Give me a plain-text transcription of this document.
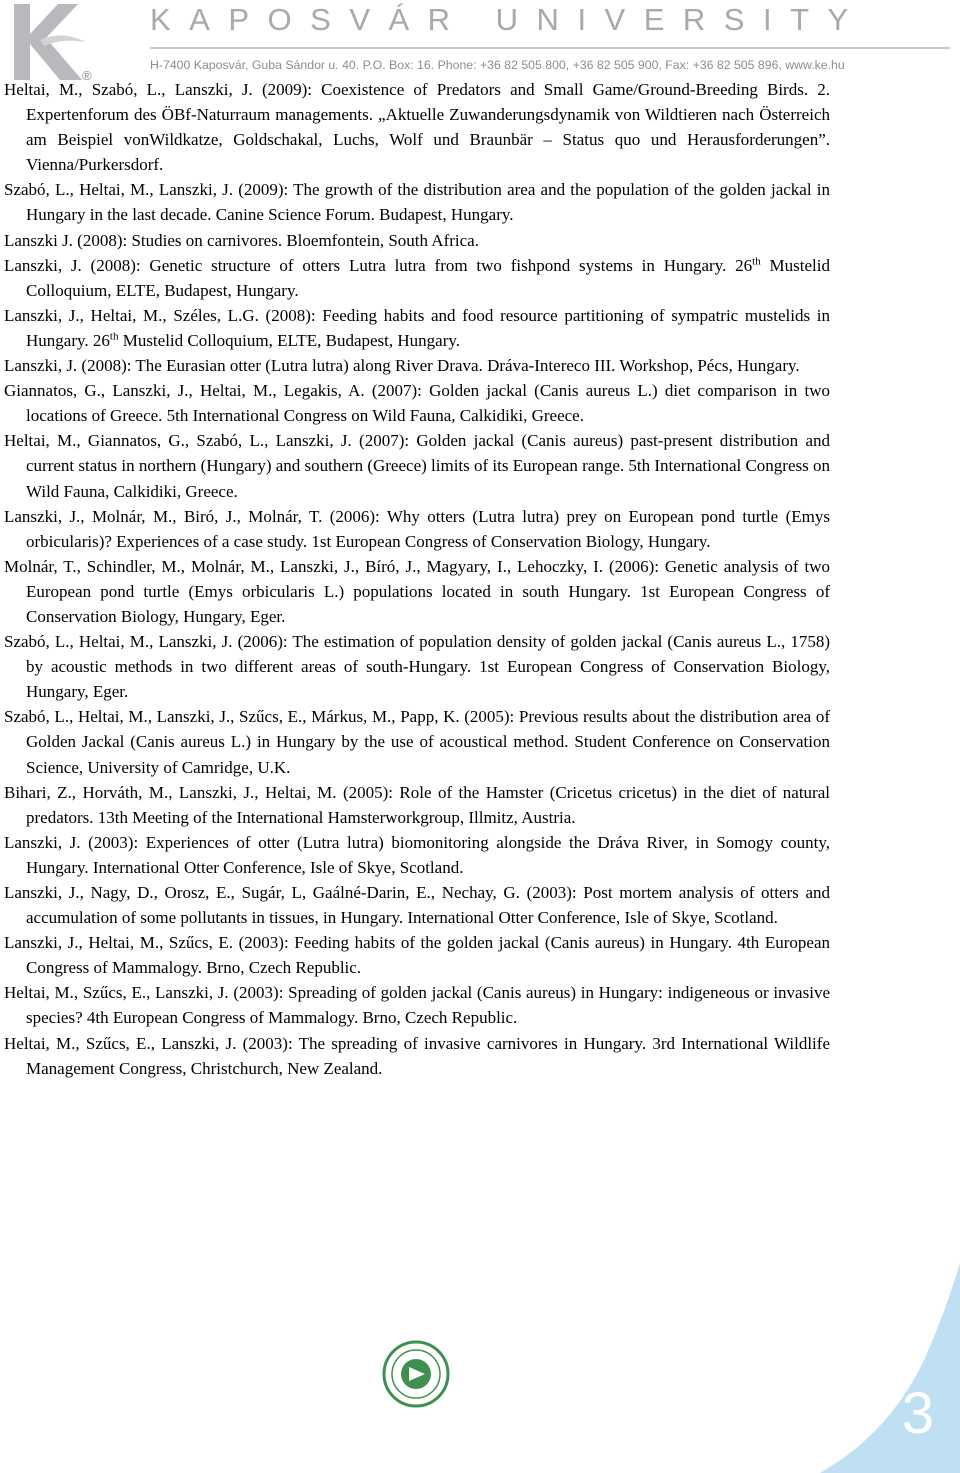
®
KAPOSVÁR UNIVERSITY
H-7400 Kaposvár, Guba Sándor u. 40. P.O. Box: 16. Phone: +36 82 505 800, +36 82 505 900, Fax: +36 82 505 896, www.ke.hu
Heltai, M., Szabó, L., Lanszki, J. (2009): Coexistence of Predators and Small Game/Ground-Breeding Birds. 2. Expertenforum des ÖBf-Naturraum managements. „Aktuelle Zuwanderungsdynamik von Wildtieren nach Österreich am Beispiel vonWildkatze, Goldschakal, Luchs, Wolf und Braunbär – Status quo und Herausforderungen”. Vienna/Purkersdorf.
Szabó, L., Heltai, M., Lanszki, J. (2009): The growth of the distribution area and the population of the golden jackal in Hungary in the last decade. Canine Science Forum. Budapest, Hungary.
Lanszki J. (2008): Studies on carnivores. Bloemfontein, South Africa.
Lanszki, J. (2008): Genetic structure of otters Lutra lutra from two fishpond systems in Hungary. 26th Mustelid Colloquium, ELTE, Budapest, Hungary.
Lanszki, J., Heltai, M., Széles, L.G. (2008): Feeding habits and food resource partitioning of sympatric mustelids in Hungary. 26th Mustelid Colloquium, ELTE, Budapest, Hungary.
Lanszki, J. (2008): The Eurasian otter (Lutra lutra) along River Drava. Dráva-Intereco III. Workshop, Pécs, Hungary.
Giannatos, G., Lanszki, J., Heltai, M., Legakis, A. (2007): Golden jackal (Canis aureus L.) diet comparison in two locations of Greece. 5th International Congress on Wild Fauna, Calkidiki, Greece.
Heltai, M., Giannatos, G., Szabó, L., Lanszki, J. (2007): Golden jackal (Canis aureus) past-present distribution and current status in northern (Hungary) and southern (Greece) limits of its European range. 5th International Congress on Wild Fauna, Calkidiki, Greece.
Lanszki, J., Molnár, M., Biró, J., Molnár, T. (2006): Why otters (Lutra lutra) prey on European pond turtle (Emys orbicularis)? Experiences of a case study. 1st European Congress of Conservation Biology, Hungary.
Molnár, T., Schindler, M., Molnár, M., Lanszki, J., Bíró, J., Magyary, I., Lehoczky, I. (2006): Genetic analysis of two European pond turtle (Emys orbicularis L.) populations located in south Hungary. 1st European Congress of Conservation Biology, Hungary, Eger.
Szabó, L., Heltai, M., Lanszki, J. (2006): The estimation of population density of golden jackal (Canis aureus L., 1758) by acoustic methods in two different areas of south-Hungary. 1st European Congress of Conservation Biology, Hungary, Eger.
Szabó, L., Heltai, M., Lanszki, J., Szűcs, E., Márkus, M., Papp, K. (2005): Previous results about the distribution area of Golden Jackal (Canis aureus L.) in Hungary by the use of acoustical method. Student Conference on Conservation Science, University of Camridge, U.K.
Bihari, Z., Horváth, M., Lanszki, J., Heltai, M. (2005): Role of the Hamster (Cricetus cricetus) in the diet of natural predators. 13th Meeting of the International Hamsterworkgroup, Illmitz, Austria.
Lanszki, J. (2003): Experiences of otter (Lutra lutra) biomonitoring alongside the Dráva River, in Somogy county, Hungary. International Otter Conference, Isle of Skye, Scotland.
Lanszki, J., Nagy, D., Orosz, E., Sugár, L, Gaálné-Darin, E., Nechay, G. (2003): Post mortem analysis of otters and accumulation of some pollutants in tissues, in Hungary. International Otter Conference, Isle of Skye, Scotland.
Lanszki, J., Heltai, M., Szűcs, E. (2003): Feeding habits of the golden jackal (Canis aureus) in Hungary. 4th European Congress of Mammalogy. Brno, Czech Republic.
Heltai, M., Szűcs, E., Lanszki, J. (2003): Spreading of golden jackal (Canis aureus) in Hungary: indigeneous or invasive species? 4th European Congress of Mammalogy. Brno, Czech Republic.
Heltai, M., Szűcs, E., Lanszki, J. (2003): The spreading of invasive carnivores in Hungary. 3rd International Wildlife Management Congress, Christchurch, New Zealand.
3
